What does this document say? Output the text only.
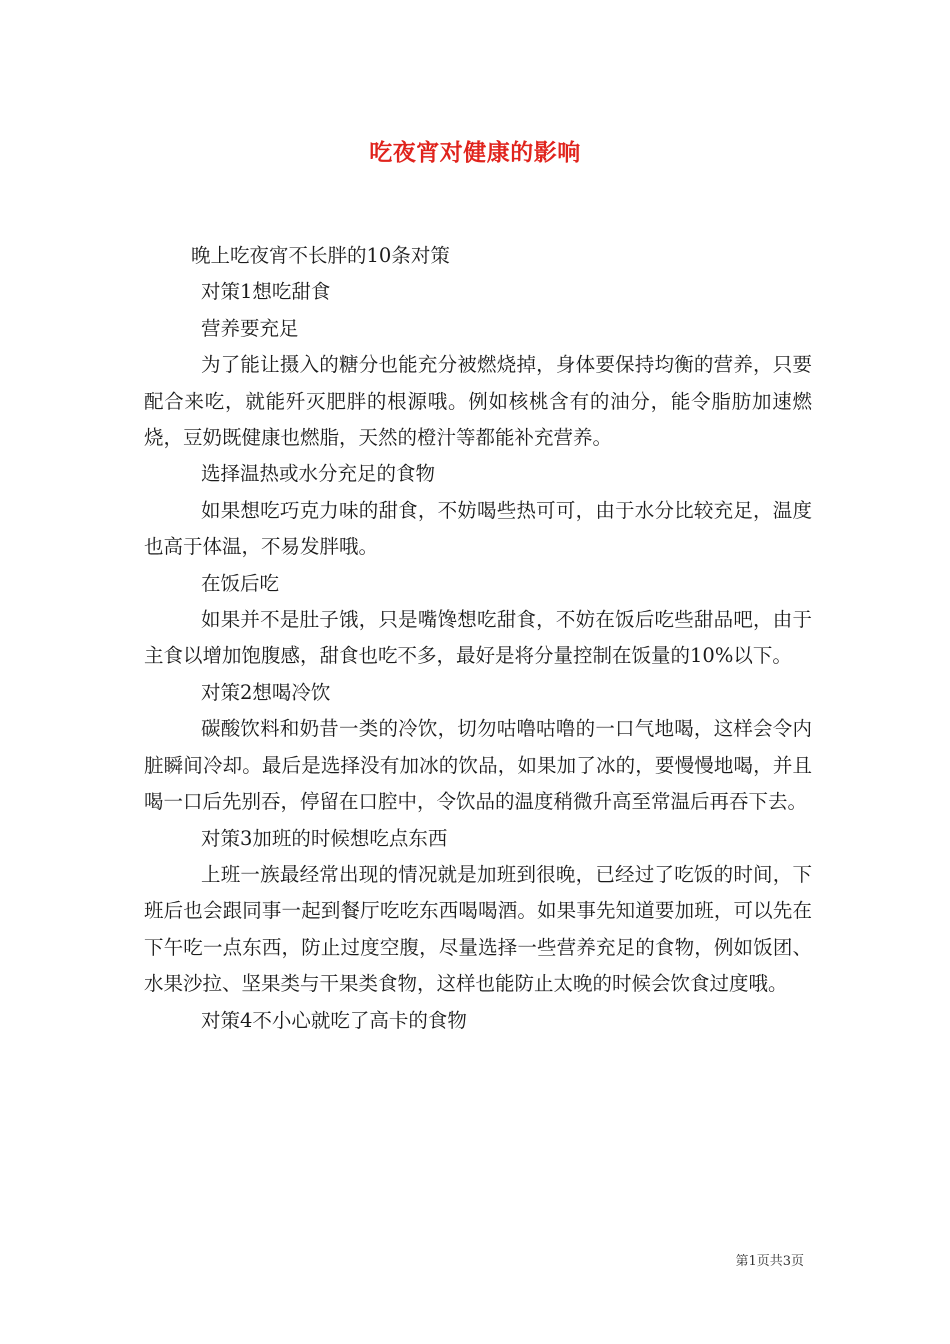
吃夜宵对健康的影响

晚上吃夜宵不长胖的10条对策

对策1想吃甜食

营养要充足

为了能让摄入的糖分也能充分被燃烧掉，身体要保持均衡的营养，只要配合来吃，就能歼灭肥胖的根源哦。例如核桃含有的油分，能令脂肪加速燃烧，豆奶既健康也燃脂，天然的橙汁等都能补充营养。

选择温热或水分充足的食物

如果想吃巧克力味的甜食，不妨喝些热可可，由于水分比较充足，温度也高于体温，不易发胖哦。

在饭后吃

如果并不是肚子饿，只是嘴馋想吃甜食，不妨在饭后吃些甜品吧，由于主食以增加饱腹感，甜食也吃不多，最好是将分量控制在饭量的10%以下。

对策2想喝冷饮

碳酸饮料和奶昔一类的冷饮，切勿咕噜咕噜的一口气地喝，这样会令内脏瞬间冷却。最后是选择没有加冰的饮品，如果加了冰的，要慢慢地喝，并且喝一口后先别吞，停留在口腔中，令饮品的温度稍微升高至常温后再吞下去。

对策3加班的时候想吃点东西

上班一族最经常出现的情况就是加班到很晚，已经过了吃饭的时间，下班后也会跟同事一起到餐厅吃吃东西喝喝酒。如果事先知道要加班，可以先在下午吃一点东西，防止过度空腹，尽量选择一些营养充足的食物，例如饭团、水果沙拉、坚果类与干果类食物，这样也能防止太晚的时候会饮食过度哦。

对策4不小心就吃了高卡的食物

第1页共3页
